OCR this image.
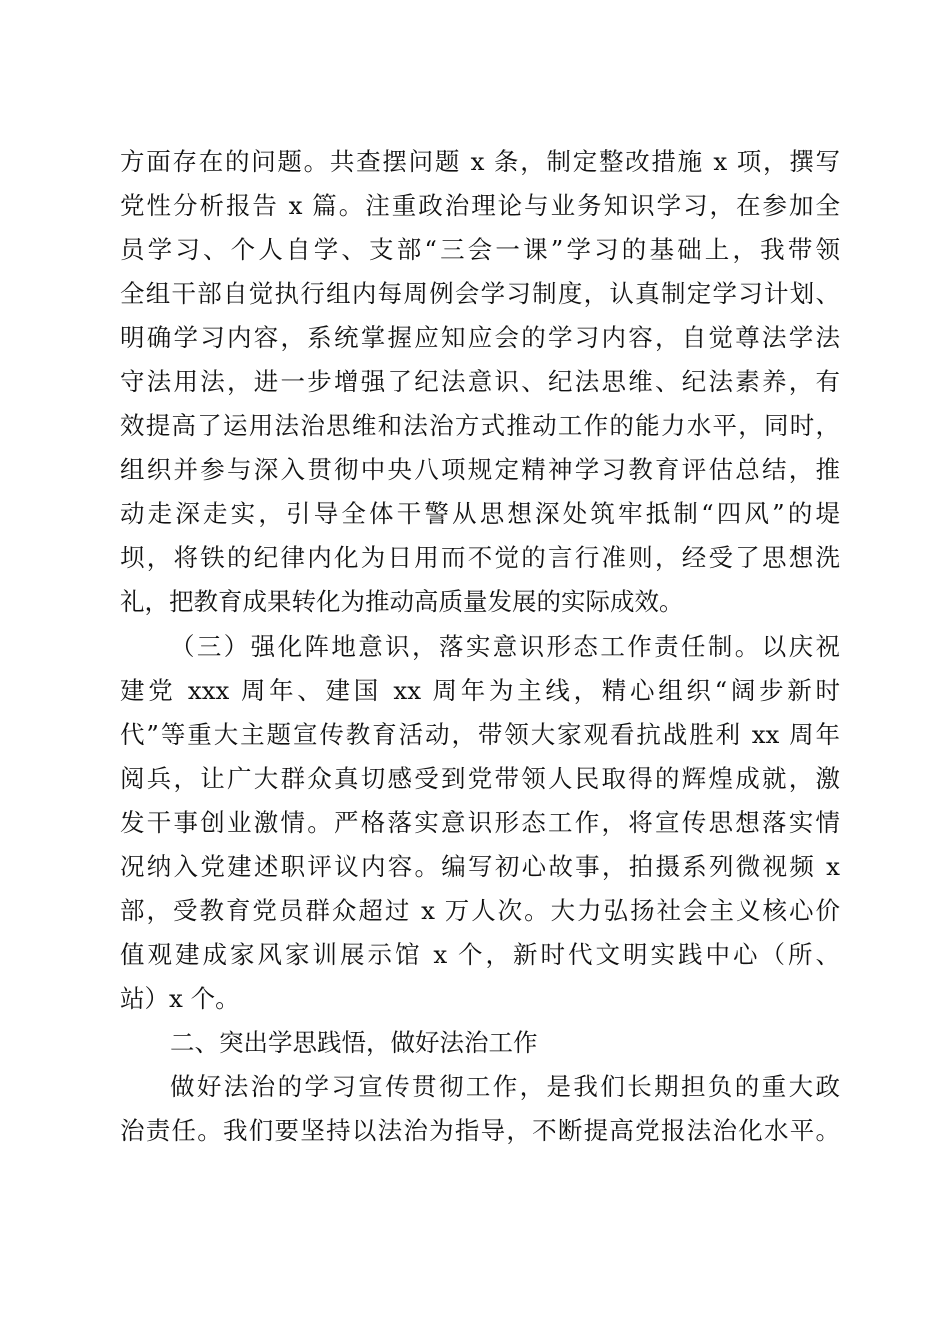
方面存在的问题。共查摆问题 x 条，制定整改措施 x 项，撰写
党性分析报告 x 篇。注重政治理论与业务知识学习，在参加全
员学习、个人自学、支部“三会一课”学习的基础上，我带领
全组干部自觉执行组内每周例会学习制度，认真制定学习计划、
明确学习内容，系统掌握应知应会的学习内容，自觉尊法学法
守法用法，进一步增强了纪法意识、纪法思维、纪法素养，有
效提高了运用法治思维和法治方式推动工作的能力水平，同时，
组织并参与深入贯彻中央八项规定精神学习教育评估总结，推
动走深走实，引导全体干警从思想深处筑牢抵制“四风”的堤
坝，将铁的纪律内化为日用而不觉的言行准则，经受了思想洗
礼，把教育成果转化为推动高质量发展的实际成效。
（三）强化阵地意识，落实意识形态工作责任制。以庆祝
建党 xxx 周年、建国 xx 周年为主线，精心组织“阔步新时
代”等重大主题宣传教育活动，带领大家观看抗战胜利 xx 周年
阅兵，让广大群众真切感受到党带领人民取得的辉煌成就，激
发干事创业激情。严格落实意识形态工作，将宣传思想落实情
况纳入党建述职评议内容。编写初心故事，拍摄系列微视频 x
部，受教育党员群众超过 x 万人次。大力弘扬社会主义核心价
值观建成家风家训展示馆 x 个，新时代文明实践中心（所、
站）x 个。
二、突出学思践悟，做好法治工作
做好法治的学习宣传贯彻工作，是我们长期担负的重大政
治责任。我们要坚持以法治为指导，不断提高党报法治化水平。
